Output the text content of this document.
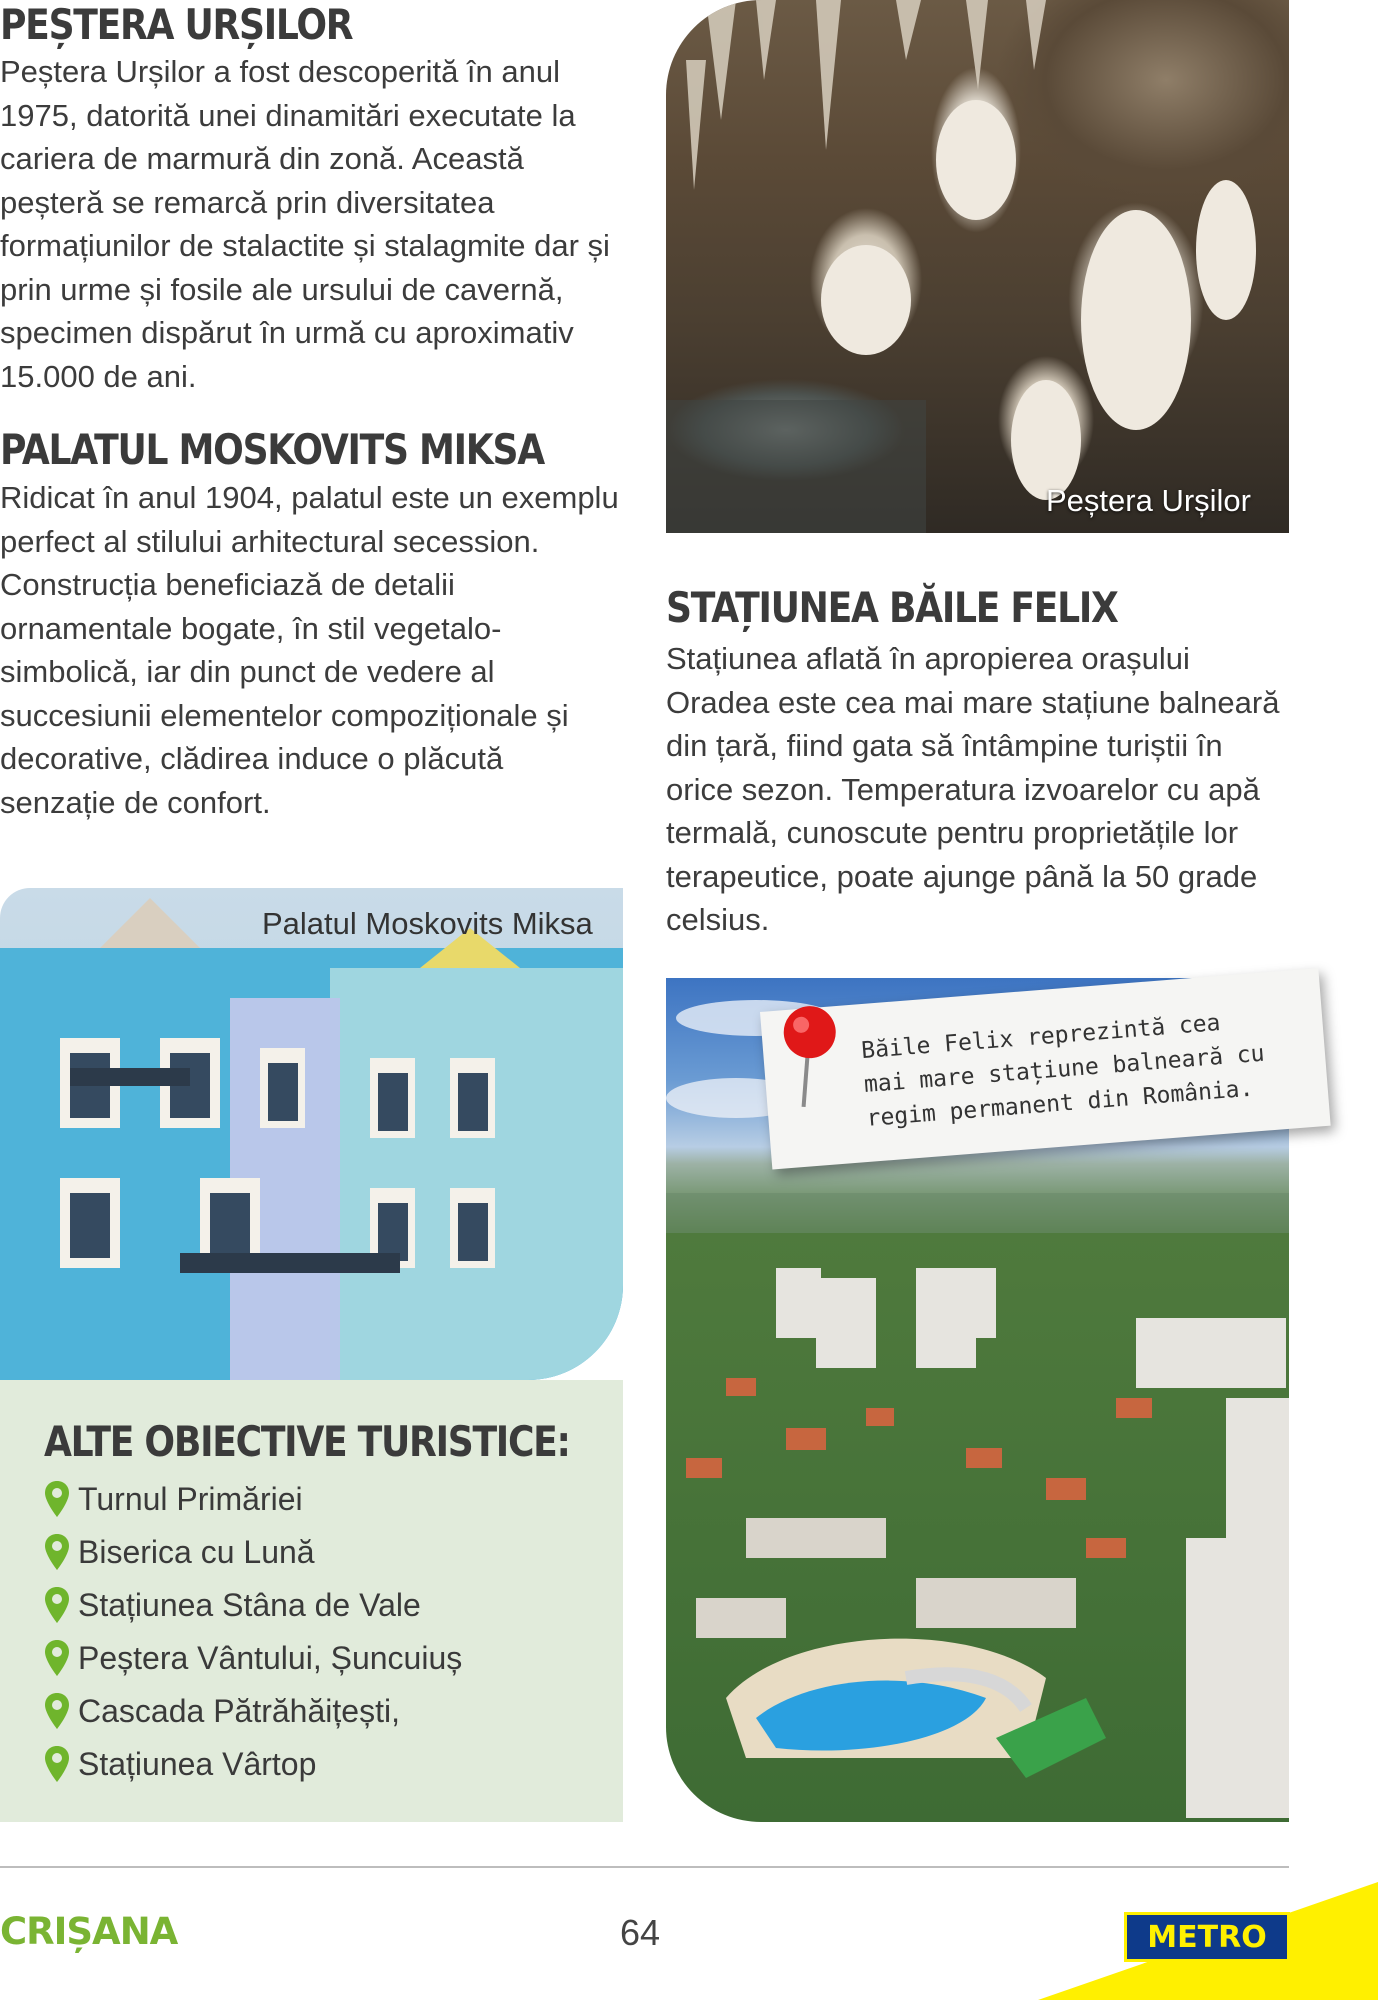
PEȘTERA URȘILOR

Peștera Urșilor a fost descoperită în anul 1975, datorită unei dinamitări executate la cariera de marmură din zonă. Această peșteră se remarcă prin diversitatea formațiunilor de stalactite și stalagmite dar și prin urme și fosile ale ursului de cavernă, specimen dispărut în urmă cu aproximativ 15.000 de ani.

Peștera Urșilor
PALATUL MOSKOVITS MIKSA

Ridicat în anul 1904, palatul este un exemplu perfect al stilului arhitectural secession. Construcția beneficiază de detalii ornamentale bogate, în stil vegetalo-simbolică, iar din punct de vedere al succesiunii elementelor compoziționale și decorative, clădirea induce o plăcută senzație de confort.

Palatul Moskovits Miksa
ALTE OBIECTIVE TURISTICE:
Turnul Primăriei
Biserica cu Lună
Stațiunea Stâna de Vale
Peștera Vântului, Șuncuiuș
Cascada Pătrăhăițești,
Stațiunea Vârtop
STAȚIUNEA BĂILE FELIX

Stațiunea aflată în apropierea orașului Oradea este cea mai mare stațiune balneară din țară, fiind gata să întâmpine turiștii în orice sezon. Temperatura izvoarelor cu apă termală, cunoscute pentru proprietățile lor terapeutice, poate ajunge până la 50 grade celsius.

Băile Felix reprezintă cea
mai mare stațiune balneară cu
regim permanent din România.
CRIȘANA	64	METRO
